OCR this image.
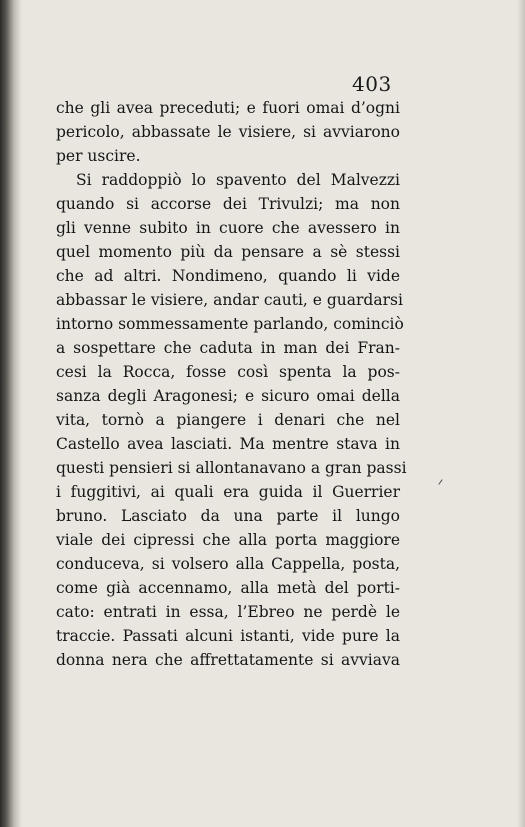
403
che gli avea preceduti; e fuori omai d’ogni
pericolo, abbassate le visiere, si avviarono
per uscire.
Si raddoppiò lo spavento del Malvezzi
quando si accorse dei Trivulzi; ma non
gli venne subito in cuore che avessero in
quel momento più da pensare a sè stessi
che ad altri. Nondimeno, quando li vide
abbassar le visiere, andar cauti, e guardarsi
intorno sommessamente parlando, cominciò
a sospettare che caduta in man dei Fran-
cesi la Rocca, fosse così spenta la pos-
sanza degli Aragonesi; e sicuro omai della
vita, tornò a piangere i denari che nel
Castello avea lasciati. Ma mentre stava in
questi pensieri si allontanavano a gran passi
i fuggitivi, ai quali era guida il Guerrier
bruno. Lasciato da una parte il lungo
viale dei cipressi che alla porta maggiore
conduceva, si volsero alla Cappella, posta,
come già accennamo, alla metà del porti-
cato: entrati in essa, l’Ebreo ne perdè le
traccie. Passati alcuni istanti, vide pure la
donna nera che affrettatamente si avviava
